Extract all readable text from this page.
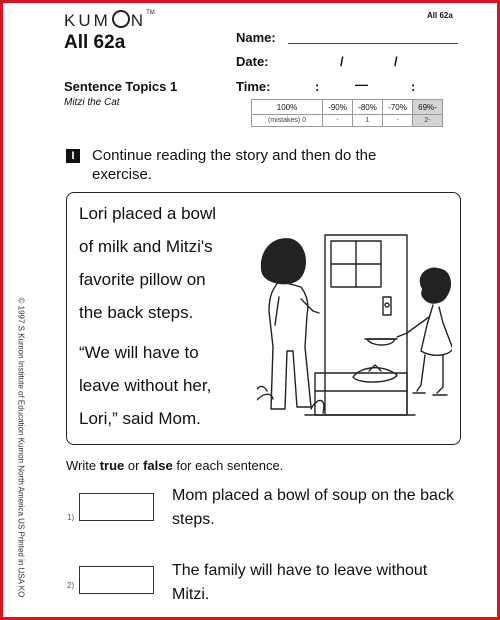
KUM N™
All 62a
All 62a
Name:
Date:	/	/
Time:	:	—	:
Sentence Topics 1
Mitzi the Cat	100%	-90%	-80%	-70%	69%-
(mistakes) 0	-	1	-	2-
I	Continue reading the story and then do the exercise.

Lori placed a bowl

of milk and Mitzi's

favorite pillow on

the back steps.

“We will have to

leave without her,

Lori,” said Mom.

Write true or false for each sentence.
1)
Mom placed a bowl of soup on the back steps.
2)
The family will have to leave without Mitzi.
© 1997 S Kumon Institute of Education Kumon North America US Printed in USA KO
